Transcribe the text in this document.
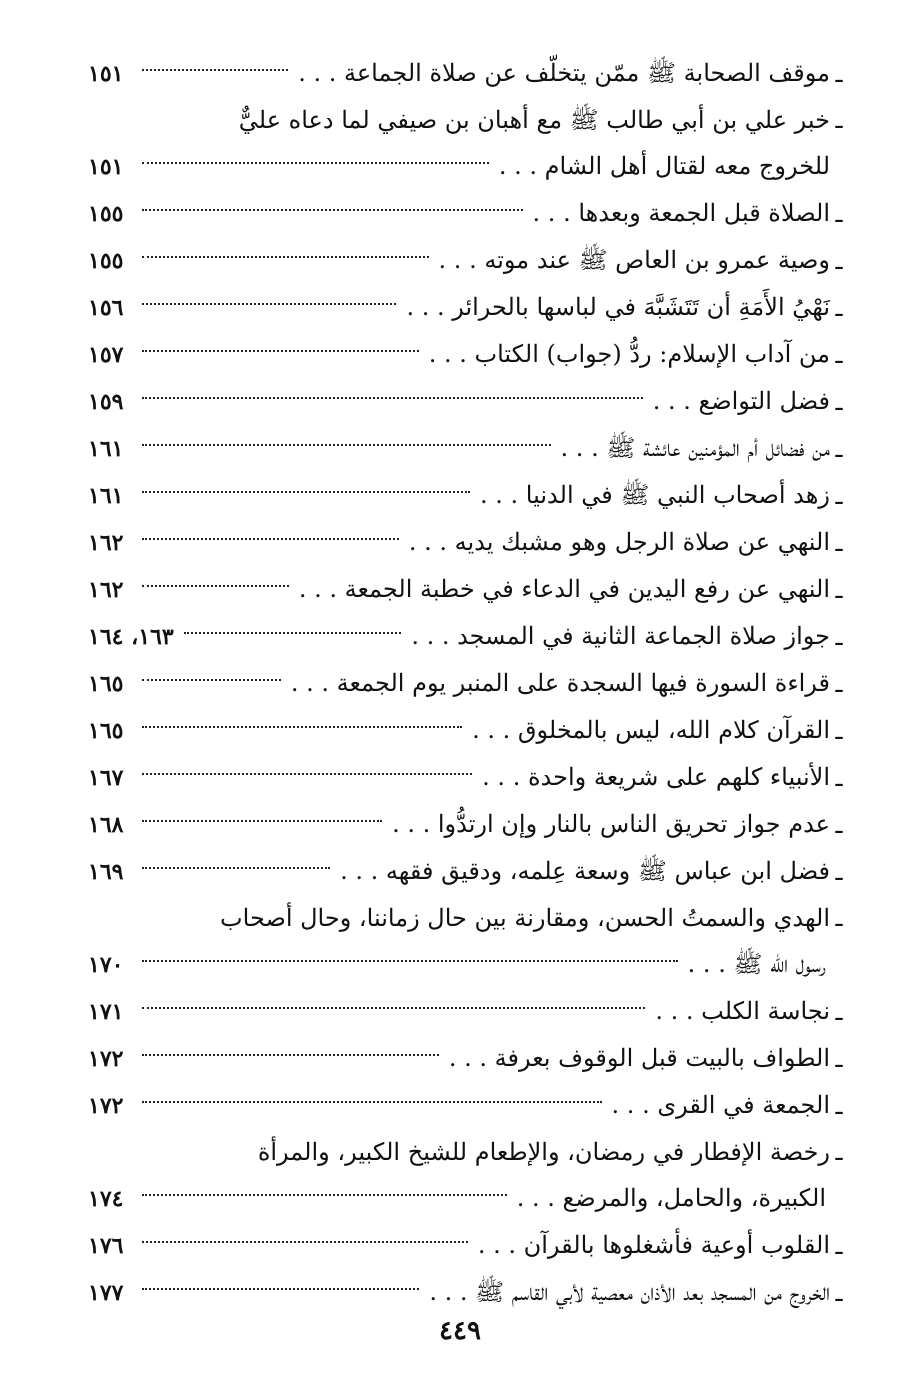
ـ
موقف الصحابة ﷺ ممّن يتخلّف عن صلاة الجماعة . . .
١٥١
ـ
خبر علي بن أبي طالب ﷺ مع أهبان بن صيفي لما دعاه عليٌّ
للخروج معه لقتال أهل الشام . . .
١٥١
ـ
الصلاة قبل الجمعة وبعدها . . .
١٥٥
ـ
وصية عمرو بن العاص ﷺ عند موته . . .
١٥٥
ـ
نَهْيُ الأَمَةِ أن تَتَشَبَّهَ في لباسها بالحرائر . . .
١٥٦
ـ
من آداب الإسلام: ردُّ (جواب) الكتاب . . .
١٥٧
ـ
فضل التواضع . . .
١٥٩
ـ
من فضائل أم المؤمنين عائشة ﷺ . . .
١٦١
ـ
زهد أصحاب النبي ﷺ في الدنيا . . .
١٦١
ـ
النهي عن صلاة الرجل وهو مشبك يديه . . .
١٦٢
ـ
النهي عن رفع اليدين في الدعاء في خطبة الجمعة . . .
١٦٢
ـ
جواز صلاة الجماعة الثانية في المسجد . . .
١٦٣، ١٦٤
ـ
قراءة السورة فيها السجدة على المنبر يوم الجمعة . . .
١٦٥
ـ
القرآن كلام الله، ليس بالمخلوق . . .
١٦٥
ـ
الأنبياء كلهم على شريعة واحدة . . .
١٦٧
ـ
عدم جواز تحريق الناس بالنار وإن ارتدُّوا . . .
١٦٨
ـ
فضل ابن عباس ﷺ وسعة عِلمه، ودقيق فقهه . . .
١٦٩
ـ
الهدي والسمتُ الحسن، ومقارنة بين حال زماننا، وحال أصحاب
رسول الله ﷺ . . .
١٧٠
ـ
نجاسة الكلب . . .
١٧١
ـ
الطواف بالبيت قبل الوقوف بعرفة . . .
١٧٢
ـ
الجمعة في القرى . . .
١٧٢
ـ
رخصة الإفطار في رمضان، والإطعام للشيخ الكبير، والمرأة
الكبيرة، والحامل، والمرضع . . .
١٧٤
ـ
القلوب أوعية فأشغلوها بالقرآن . . .
١٧٦
ـ
الخروج من المسجد بعد الأذان معصية لأبي القاسم ﷺ . . .
١٧٧
٤٤٩
